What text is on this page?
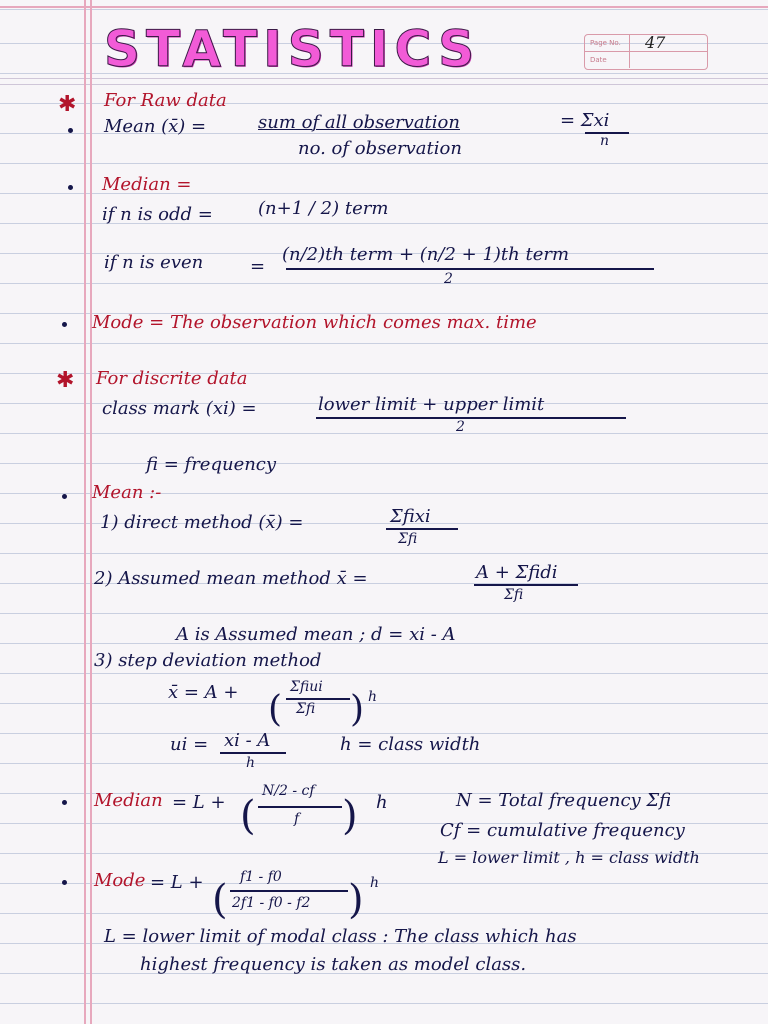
STATISTICS	Page No. 47
Date
✱ For Raw data
Mean (x̄) =	sum of all observation
no. of observation
= Σxi
n
Median =
if n is odd =	(n+1 / 2) term
if n is even	=
(n/2)th term + (n/2 + 1)th term
2
Mode = The observation which comes max. time
✱ For discrite data
class mark (xi) =	lower limit + upper limit
2
fi = frequency
Mean :-
1) direct method (x̄) =	Σfixi
Σfi
2) Assumed mean method x̄ =	A + Σfidi
Σfi
A is Assumed mean ; d = xi - A
3) step deviation method
x̄ = A + (
Σfiui
Σfi ) h
ui = xi - A
h
h = class width
Median = L + (
N/2 - cf
f ) h	N = Total frequency Σfi
Cf = cumulative frequency
L = lower limit , h = class width
Mode = L + ( f1 - f0
2f1 - f0 - f2 ) h
L = lower limit of modal class : The class which has
highest frequency is taken as model class.
